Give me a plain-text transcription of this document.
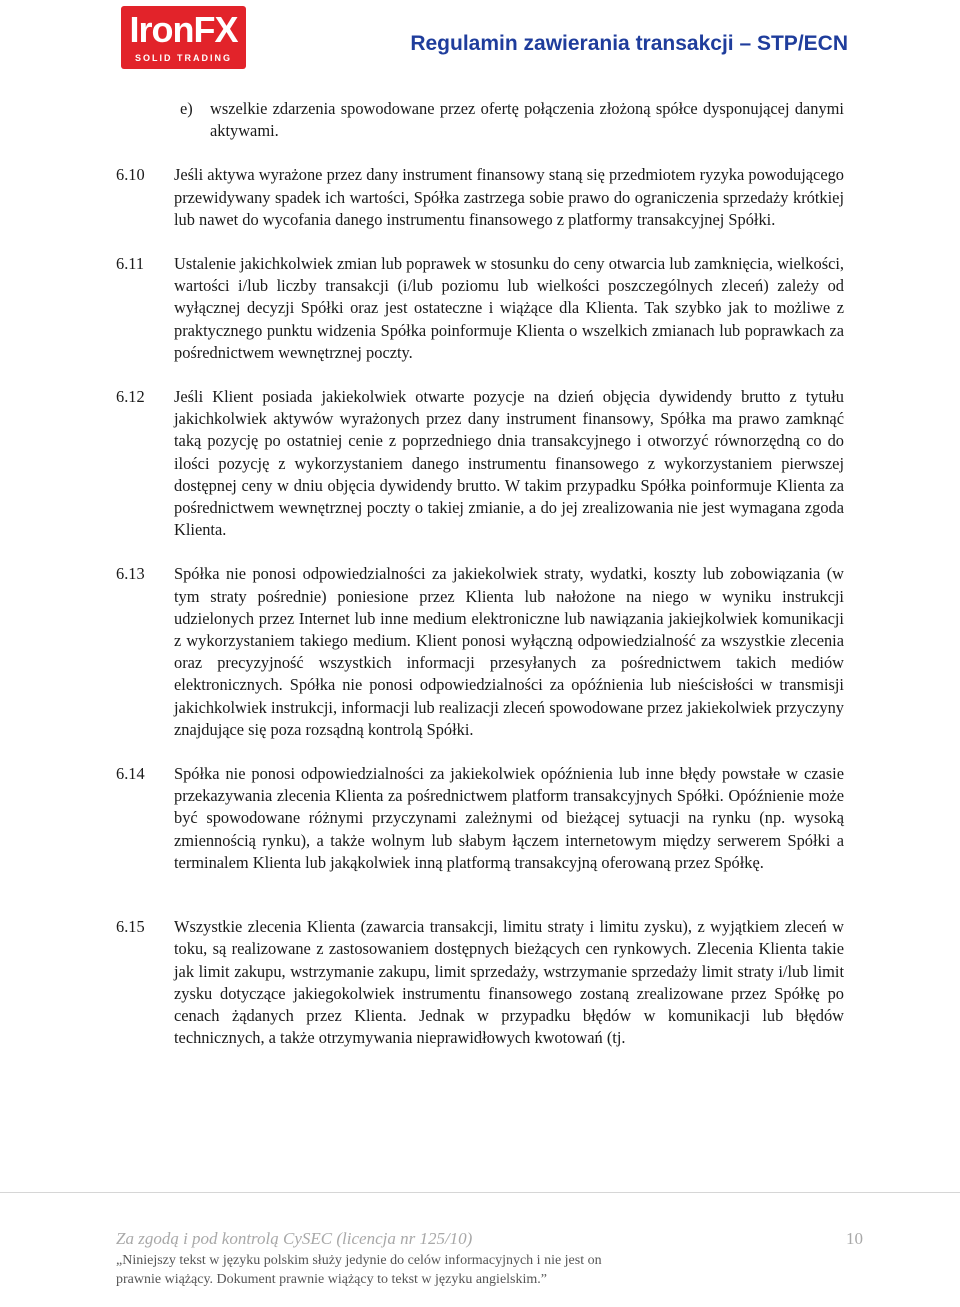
IronFX
SOLID TRADING
Regulamin zawierania transakcji – STP/ECN
e)	wszelkie zdarzenia spowodowane przez ofertę połączenia złożoną spółce dysponującej danymi aktywami.
6.10	Jeśli aktywa wyrażone przez dany instrument finansowy staną się przedmiotem ryzyka powodującego przewidywany spadek ich wartości, Spółka zastrzega sobie prawo do ograniczenia sprzedaży krótkiej lub nawet do wycofania danego instrumentu finansowego z platformy transakcyjnej Spółki.
6.11	Ustalenie jakichkolwiek zmian lub poprawek w stosunku do ceny otwarcia lub zamknięcia, wielkości, wartości i/lub liczby transakcji (i/lub poziomu lub wielkości poszczególnych zleceń) zależy od wyłącznej decyzji Spółki oraz jest ostateczne i wiążące dla Klienta. Tak szybko jak to możliwe z praktycznego punktu widzenia Spółka poinformuje Klienta o wszelkich zmianach lub poprawkach za pośrednictwem wewnętrznej poczty.
6.12	Jeśli Klient posiada jakiekolwiek otwarte pozycje na dzień objęcia dywidendy brutto z tytułu jakichkolwiek aktywów wyrażonych przez dany instrument finansowy, Spółka ma prawo zamknąć taką pozycję po ostatniej cenie z poprzedniego dnia transakcyjnego i otworzyć równorzędną co do ilości pozycję z wykorzystaniem danego instrumentu finansowego z wykorzystaniem pierwszej dostępnej ceny w dniu objęcia dywidendy brutto. W takim przypadku Spółka poinformuje Klienta za pośrednictwem wewnętrznej poczty o takiej zmianie, a do jej zrealizowania nie jest wymagana zgoda Klienta.
6.13	Spółka nie ponosi odpowiedzialności za jakiekolwiek straty, wydatki, koszty lub zobowiązania (w tym straty pośrednie) poniesione przez Klienta lub nałożone na niego w wyniku instrukcji udzielonych przez Internet lub inne medium elektroniczne lub nawiązania jakiejkolwiek komunikacji z wykorzystaniem takiego medium. Klient ponosi wyłączną odpowiedzialność za wszystkie zlecenia oraz precyzyjność wszystkich informacji przesyłanych za pośrednictwem takich mediów elektronicznych. Spółka nie ponosi odpowiedzialności za opóźnienia lub nieścisłości w transmisji jakichkolwiek instrukcji, informacji lub realizacji zleceń spowodowane przez jakiekolwiek przyczyny znajdujące się poza rozsądną kontrolą Spółki.
6.14	Spółka nie ponosi odpowiedzialności za jakiekolwiek opóźnienia lub inne błędy powstałe w czasie przekazywania zlecenia Klienta za pośrednictwem platform transakcyjnych Spółki. Opóźnienie może być spowodowane różnymi przyczynami zależnymi od bieżącej sytuacji na rynku (np. wysoką zmiennością rynku), a także wolnym lub słabym łączem internetowym między serwerem Spółki a terminalem Klienta lub jakąkolwiek inną platformą transakcyjną oferowaną przez Spółkę.
6.15	Wszystkie zlecenia Klienta (zawarcia transakcji, limitu straty i limitu zysku), z wyjątkiem zleceń w toku, są realizowane z zastosowaniem dostępnych bieżących cen rynkowych. Zlecenia Klienta takie jak limit zakupu, wstrzymanie zakupu, limit sprzedaży, wstrzymanie sprzedaży limit straty i/lub limit zysku dotyczące jakiegokolwiek instrumentu finansowego zostaną zrealizowane przez Spółkę po cenach żądanych przez Klienta. Jednak w przypadku błędów w komunikacji lub błędów technicznych, a także otrzymywania nieprawidłowych kwotowań (tj.

Za zgodą i pod kontrolą CySEC (licencja nr 125/10)	10

„Niniejszy tekst w języku polskim służy jedynie do celów informacyjnych i nie jest on prawnie wiążący. Dokument prawnie wiążący to tekst w języku angielskim.”
